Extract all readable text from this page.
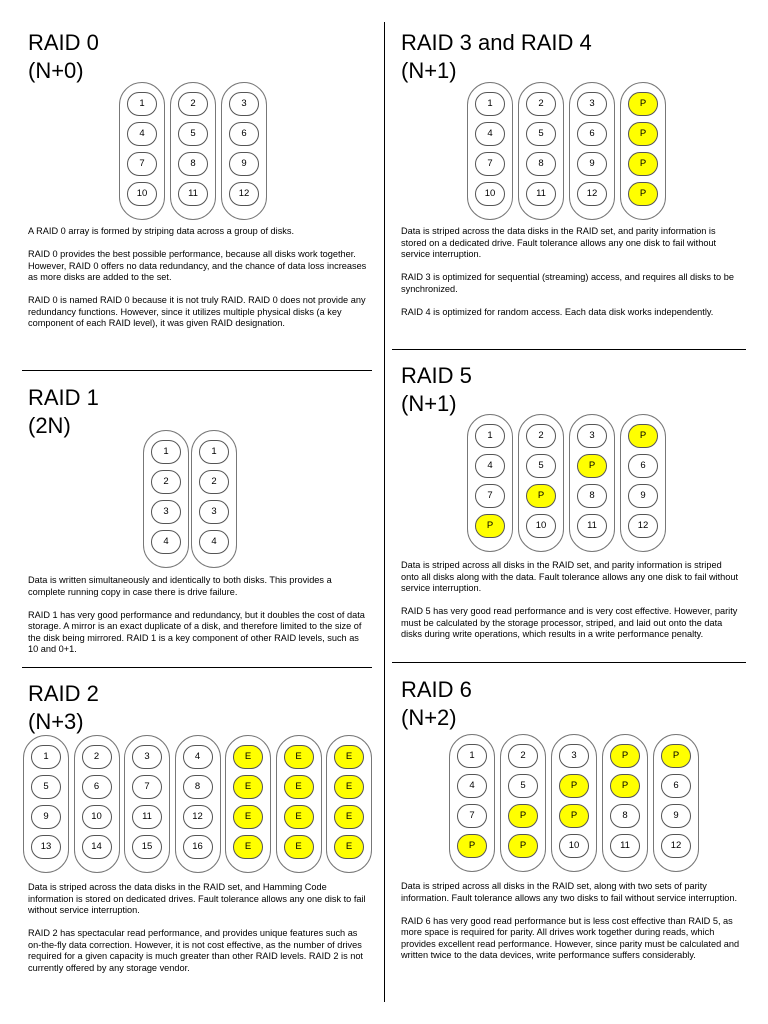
RAID 0
(N+0)
1
4
7
10
2
5
8
11
3
6
9
12

A RAID 0 array is formed by striping data across a group of disks.

RAID 0 provides the best possible performance, because all disks work together. However, RAID 0 offers no data redundancy, and the chance of data loss increases as more disks are added to the set.

RAID 0 is named RAID 0 because it is not truly RAID. RAID 0 does not provide any redundancy functions. However, since it utilizes multiple physical disks (a key component of each RAID level), it was given RAID designation.

RAID 3 and RAID 4
(N+1)
1
4
7
10
2
5
8
11
3
6
9
12
P
P
P
P

Data is striped across the data disks in the RAID set, and parity information is stored on a dedicated drive. Fault tolerance allows any one disk to fail without service interruption.

RAID 3 is optimized for sequential (streaming) access, and requires all disks to be synchronized.

RAID 4 is optimized for random access. Each data disk works independently.

RAID 1
(2N)
1
2
3
4
1
2
3
4

Data is written simultaneously and identically to both disks. This provides a complete running copy in case there is drive failure.

RAID 1 has very good performance and redundancy, but it doubles the cost of data storage. A mirror is an exact duplicate of a disk, and therefore limited to the size of the disk being mirrored. RAID 1 is a key component of other RAID levels, such as 10 and 0+1.

RAID 5
(N+1)
1
4
7
P
2
5
P
10
3
P
8
11
P
6
9
12

Data is striped across all disks in the RAID set, and parity information is striped onto all disks along with the data. Fault tolerance allows any one disk to fail without service interruption.

RAID 5 has very good read performance and is very cost effective. However, parity must be calculated by the storage processor, striped, and laid out onto the data disks during write operations, which results in a write performance penalty.

RAID 2
(N+3)
1
5
9
13
2
6
10
14
3
7
11
15
4
8
12
16
E
E
E
E
E
E
E
E
E
E
E
E

Data is striped across the data disks in the RAID set, and Hamming Code information is stored on dedicated drives. Fault tolerance allows any one disk to fail without service interruption.

RAID 2 has spectacular read performance, and provides unique features such as on-the-fly data correction. However, it is not cost effective, as the number of drives required for a given capacity is much greater than other RAID levels. RAID 2 is not currently offered by any storage vendor.

RAID 6
(N+2)
1
4
7
P
2
5
P
P
3
P
P
10
P
P
8
11
P
6
9
12

Data is striped across all disks in the RAID set, along with two sets of parity information. Fault tolerance allows any two disks to fail without service interruption.

RAID 6 has very good read performance but is less cost effective than RAID 5, as more space is required for parity. All drives work together during reads, which provides excellent read performance. However, since parity must be calculated and written twice to the data devices, write performance suffers considerably.
